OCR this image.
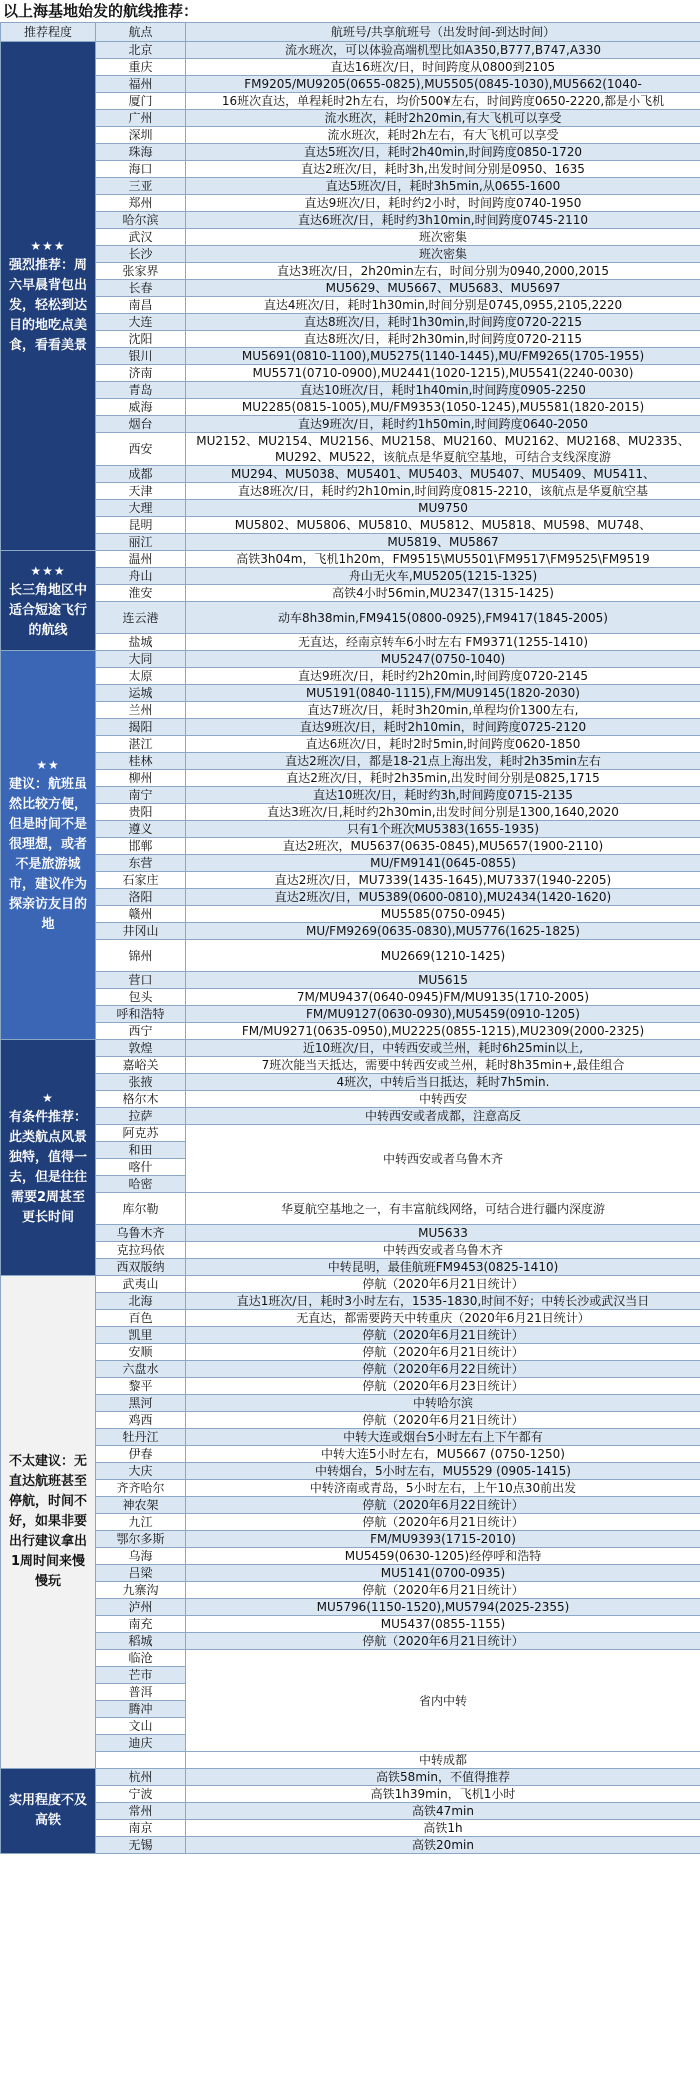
以上海基地始发的航线推荐：
推荐程度	航点	航班号/共享航班号（出发时间-到达时间）

★★★
强烈推荐：周六早晨背包出发，轻松到达目的地吃点美食，看看美景	北京	流水班次，可以体验高端机型比如A350,B777,B747,A330
	重庆	直达16班次/日，时间跨度从0800到2105
	福州	FM9205/MU9205(0655-0825),MU5505(0845-1030),MU5662(1040-
	厦门	16班次直达，单程耗时2h左右，均价500¥左右，时间跨度0650-2220,都是小飞机
	广州	流水班次，耗时2h20min,有大飞机可以享受
	深圳	流水班次，耗时2h左右，有大飞机可以享受
	珠海	直达5班次/日，耗时2h40min,时间跨度0850-1720
	海口	直达2班次/日，耗时3h,出发时间分别是0950、1635
	三亚	直达5班次/日，耗时3h5min,从0655-1600
	郑州	直达9班次/日，耗时约2小时，时间跨度0740-1950
	哈尔滨	直达6班次/日，耗时约3h10min,时间跨度0745-2110
	武汉	班次密集
	长沙	班次密集
	张家界	直达3班次/日，2h20min左右，时间分别为0940,2000,2015
	长春	MU5629、MU5667、MU5683、MU5697
	南昌	直达4班次/日，耗时1h30min,时间分别是0745,0955,2105,2220
	大连	直达8班次/日，耗时1h30min,时间跨度0720-2215
	沈阳	直达8班次/日，耗时2h30min,时间跨度0720-2115
	银川	MU5691(0810-1100),MU5275(1140-1445),MU/FM9265(1705-1955)
	济南	MU5571(0710-0900),MU2441(1020-1215),MU5541(2240-0030)
	青岛	直达10班次/日，耗时1h40min,时间跨度0905-2250
	威海	MU2285(0815-1005),MU/FM9353(1050-1245),MU5581(1820-2015)
	烟台	直达9班次/日，耗时约1h50min,时间跨度0640-2050
	西安	MU2152、MU2154、MU2156、MU2158、MU2160、MU2162、MU2168、MU2335、MU292、MU522，该航点是华夏航空基地，可结合支线深度游
	成都	MU294、MU5038、MU5401、MU5403、MU5407、MU5409、MU5411、
	天津	直达8班次/日，耗时约2h10min,时间跨度0815-2210，该航点是华夏航空基
	大理	MU9750
	昆明	MU5802、MU5806、MU5810、MU5812、MU5818、MU598、MU748、
	丽江	MU5819、MU5867

★★★
长三角地区中适合短途飞行的航线	温州	高铁3h04m，飞机1h20m，FM9515\MU5501\FM9517\FM9525\FM9519
	舟山	舟山无火车,MU5205(1215-1325)
	淮安	高铁4小时56min,MU2347(1315-1425)
	连云港	动车8h38min,FM9415(0800-0925),FM9417(1845-2005)
	盐城	无直达，经南京转车6小时左右 FM9371(1255-1410)

★★
建议：航班虽然比较方便，但是时间不是很理想，或者不是旅游城市，建议作为探亲访友目的地	大同	MU5247(0750-1040)
	太原	直达9班次/日，耗时约2h20min,时间跨度0720-2145
	运城	MU5191(0840-1115),FM/MU9145(1820-2030)
	兰州	直达7班次/日，耗时3h20min,单程均价1300左右,
	揭阳	直达9班次/日，耗时2h10min，时间跨度0725-2120
	湛江	直达6班次/日，耗时2时5min,时间跨度0620-1850
	桂林	直达2班次/日，都是18-21点上海出发，耗时2h35min左右
	柳州	直达2班次/日，耗时2h35min,出发时间分别是0825,1715
	南宁	直达10班次/日，耗时约3h,时间跨度0715-2135
	贵阳	直达3班次/日,耗时约2h30min,出发时间分别是1300,1640,2020
	遵义	只有1个班次MU5383(1655-1935)
	邯郸	直达2班次，MU5637(0635-0845),MU5657(1900-2110)
	东营	MU/FM9141(0645-0855)
	石家庄	直达2班次/日，MU7339(1435-1645),MU7337(1940-2205)
	洛阳	直达2班次/日，MU5389(0600-0810),MU2434(1420-1620)
	赣州	MU5585(0750-0945)
	井冈山	MU/FM9269(0635-0830),MU5776(1625-1825)
	锦州	MU2669(1210-1425)
	营口	MU5615
	包头	7M/MU9437(0640-0945)FM/MU9135(1710-2005)
	呼和浩特	FM/MU9127(0630-0930),MU5459(0910-1205)
	西宁	FM/MU9271(0635-0950),MU2225(0855-1215),MU2309(2000-2325)

★
有条件推荐：此类航点风景独特，值得一去，但是往往需要2周甚至更长时间	敦煌	近10班次/日，中转西安或兰州，耗时6h25min以上,
	嘉峪关	7班次能当天抵达，需要中转西安或兰州，耗时8h35min+,最佳组合
	张掖	4班次，中转后当日抵达，耗时7h5min.
	格尔木	中转西安
	拉萨	中转西安或者成都，注意高反
	阿克苏	中转西安或者乌鲁木齐
	和田	
	喀什	
	哈密	
	库尔勒	华夏航空基地之一，有丰富航线网络，可结合进行疆内深度游
	乌鲁木齐	MU5633
	克拉玛依	中转西安或者乌鲁木齐
	西双版纳	中转昆明，最佳航班FM9453(0825-1410)
不太建议：无直达航班甚至停航，时间不好，如果非要出行建议拿出1周时间来慢慢玩	武夷山	停航（2020年6月21日统计）
	北海	直达1班次/日，耗时3小时左右，1535-1830,时间不好；中转长沙或武汉当日
	百色	无直达，都需要跨天中转重庆（2020年6月21日统计）
	凯里	停航（2020年6月21日统计）
	安顺	停航（2020年6月21日统计）
	六盘水	停航（2020年6月22日统计）
	黎平	停航（2020年6月23日统计）
	黑河	中转哈尔滨
	鸡西	停航（2020年6月21日统计）
	牡丹江	中转大连或烟台5小时左右上下午都有
	伊春	中转大连5小时左右，MU5667 (0750-1250)
	大庆	中转烟台，5小时左右，MU5529 (0905-1415)
	齐齐哈尔	中转济南或青岛，5小时左右，上午10点30前出发
	神农架	停航（2020年6月22日统计）
	九江	停航（2020年6月21日统计）
	鄂尔多斯	FM/MU9393(1715-2010)
	乌海	MU5459(0630-1205)经停呼和浩特
	吕梁	MU5141(0700-0935)
	九寨沟	停航（2020年6月21日统计）
	泸州	MU5796(1150-1520),MU5794(2025-2355)
	南充	MU5437(0855-1155)
	稻城	停航（2020年6月21日统计）
	临沧	省内中转
	芒市	
	普洱	
	腾冲	
	文山	
	迪庆	
		中转成都
实用程度不及高铁	杭州	高铁58min，不值得推荐
	宁波	高铁1h39min，飞机1小时
	常州	高铁47min
	南京	高铁1h
	无锡	高铁20min
